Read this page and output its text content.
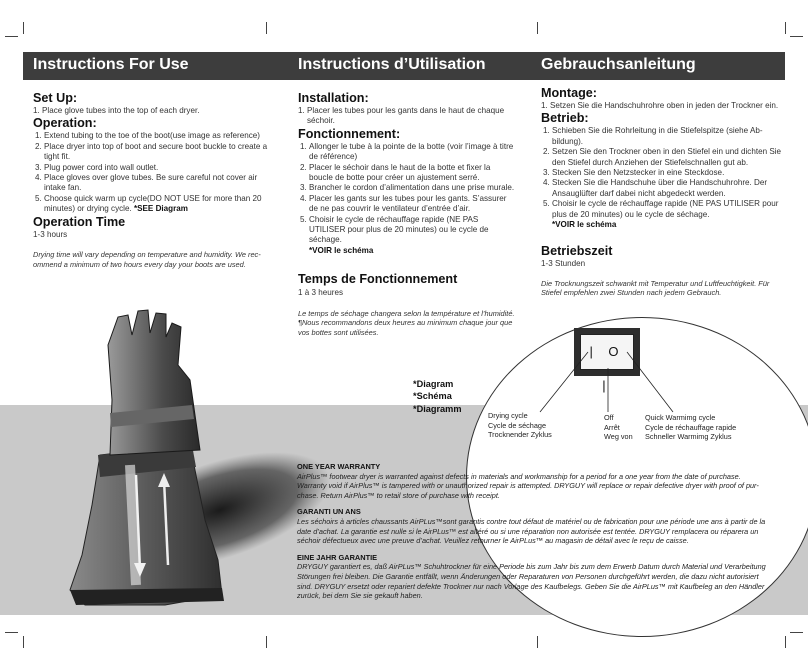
Instructions For Use	Instructions d’Utilisation	Gebrauchsanleitung
Set Up:

1. Place glove tubes into the top of each dryer.

Operation:
1. Extend tubing to the toe of the boot(use image as reference)
2. Place dryer into top of boot and secure boot buckle to create a tight fit.
3. Plug power cord into wall outlet.
4. Place gloves over glove tubes. Be sure careful not cover air intake fan.
5. Choose quick warm up cycle(DO NOT USE for more than 20 minutes) or drying cycle. *SEE Diagram
Operation Time

1-3 hours

Drying time will vary depending on temperature and humidity. We rec-ommend a minimum of two hours every day your boots are used.

Installation:

1. Placer les tubes pour les gants dans le haut de chaque séchoir.

Fonctionnement:
1. Allonger le tube à la pointe de la botte (voir l’image à titre de référence)
2. Placer le séchoir dans le haut de la botte et fixer la boucle de botte pour créer un ajustement serré.
3. Brancher le cordon d’alimentation dans une prise murale.
4. Placer les gants sur les tubes pour les gants. S’assurer de ne pas couvrir le ventilateur d’entrée d’air.
5. Choisir le cycle de réchauffage rapide (NE PAS UTILISER pour plus de 20 minutes) ou le cycle de séchage.

*VOIR le schéma

Temps de Fonctionnement

1 à 3 heures

Le temps de séchage changera selon la température et l’humidité. ¶Nous recommandons deux heures au minimum chaque jour que vos bottes sont utilisées.

Montage:

1. Setzen Sie die Handschuhrohre oben in jeden der Trockner ein.

Betrieb:
1. Schieben Sie die Rohrleitung in die Stiefelspitze (siehe Ab-bildung).
2. Setzen Sie den Trockner oben in den Stiefel ein und dichten Sie den Stiefel durch Anziehen der Stiefelschnallen gut ab.
3. Stecken Sie den Netzstecker in eine Steckdose.
4. Stecken Sie die Handschuhe über die Handschuhrohre. Der Ansauglüfter darf dabei nicht abgedeckt werden.
5. Choisir le cycle de réchauffage rapide (NE PAS UTILISER pour plus de 20 minutes) ou le cycle de séchage.

*VOIR le schéma

Betriebszeit

1-3 Stunden

Die Trocknungszeit schwankt mit Temperatur und Luftfeuchtigkeit. Für Stiefel empfehlen zwei Stunden nach jedem Gebrauch.

*Diagram
*Schéma
*Diagramm
| O |
Drying cycle
Cycle de séchage
Trocknender Zyklus
Off
Arrêt
Weg von
Quick Warmimg cycle
Cycle de réchauffage rapide
Schneller Warmimg Zyklus
ONE YEAR WARRANTY
AirPlus™ footwear dryer is warranted against defects in materials and workmanship for a period for a one year from the date of purchase. Warranty void if AirPlus™ is tampered with or unauthorized repair is attempted. DRYGUY will replace or repair defective dryer with proof of pur-chase. Return AirPlus™ to retail store of purchase with receipt.
GARANTI UN ANS
Les séchoirs à articles chaussants AirPLus™sont garantis contre tout défaut de matériel ou de fabrication pour une période une ans à partir de la date d’achat. La garantie est nulle si le AirPLus™ est altéré ou si une réparation non autorisée est tentée. DRYGUY remplacera ou réparera un séchoir défectueux avec une preuve d’achat. Veuillez retourner le AirPLus™ au magasin de détail avec le reçu de caisse.
EINE JAHR GARANTIE
DRYGUY garantiert es, daß AirPLus™ Schuhtrockner für eine Periode bis zum Jahr bis zum dem Erwerb Datum durch Material und Verarbeitung Störungen frei bleiben. Die Garantie entfällt, wenn Änderungen oder Reparaturen von Personen durchgeführt werden, die dazu nicht autorisiert sind. DRYGUY ersetzt oder repariert defekte Trockner nur nach Vorlage des Kaufbelegs. Geben Sie die AirPLus™ mit Kaufbeleg an den Händler zurück, bei dem Sie sie gekauft haben.
